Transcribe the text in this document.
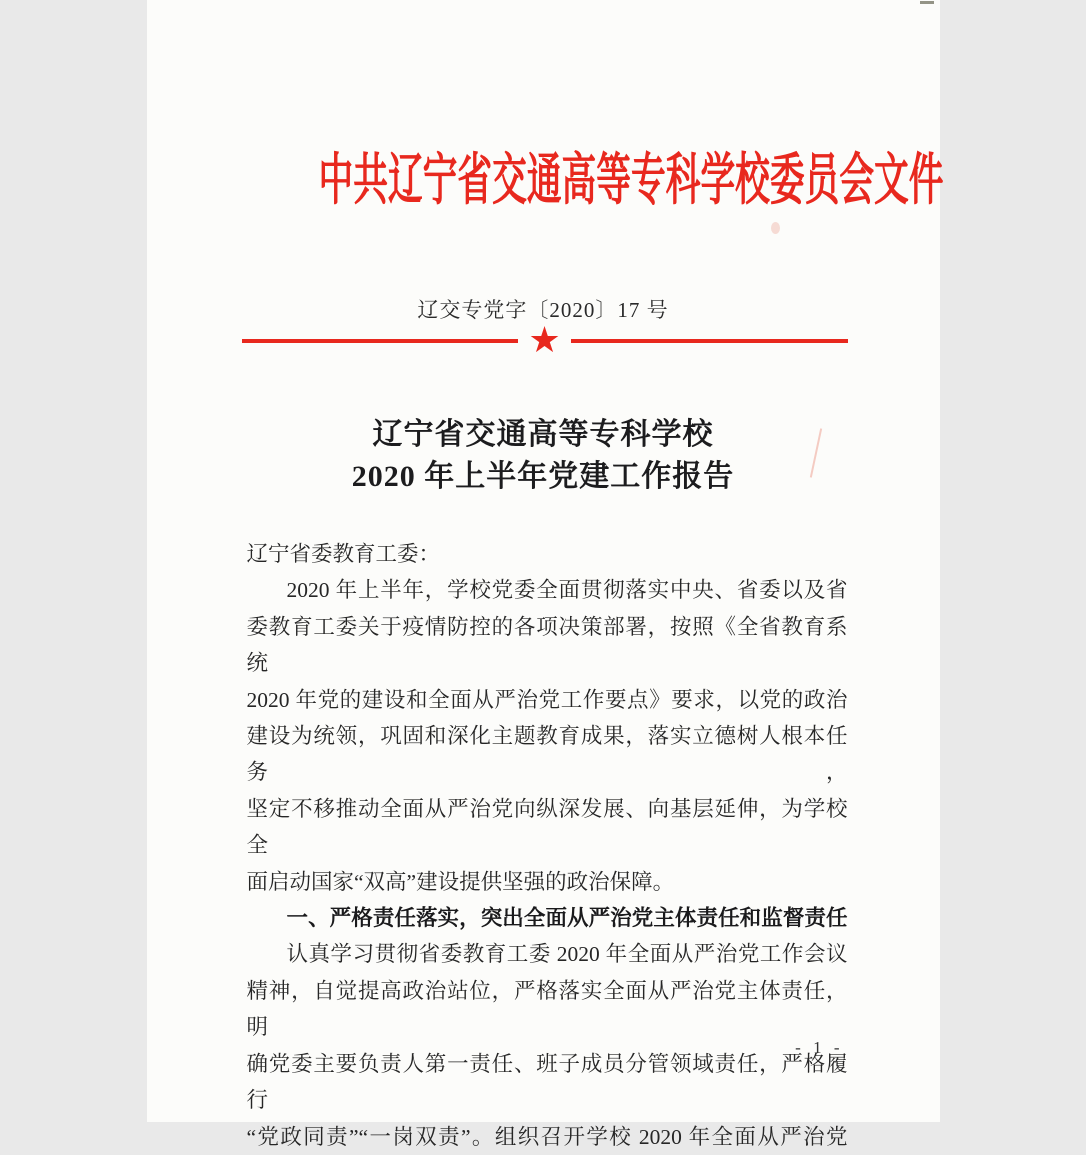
中共辽宁省交通高等专科学校委员会文件
辽交专党字〔2020〕17 号
★
辽宁省交通高等专科学校
2020 年上半年党建工作报告
辽宁省委教育工委：
2020 年上半年，学校党委全面贯彻落实中央、省委以及省
委教育工委关于疫情防控的各项决策部署，按照《全省教育系统
2020 年党的建设和全面从严治党工作要点》要求，以党的政治
建设为统领，巩固和深化主题教育成果，落实立德树人根本任务，
坚定不移推动全面从严治党向纵深发展、向基层延伸，为学校全
面启动国家“双高”建设提供坚强的政治保障。
一、严格责任落实，突出全面从严治党主体责任和监督责任
认真学习贯彻省委教育工委 2020 年全面从严治党工作会议
精神，自觉提高政治站位，严格落实全面从严治党主体责任，明
确党委主要负责人第一责任、班子成员分管领域责任，严格履行
“党政同责”“一岗双责”。组织召开学校 2020 年全面从严治党
- 1 -
